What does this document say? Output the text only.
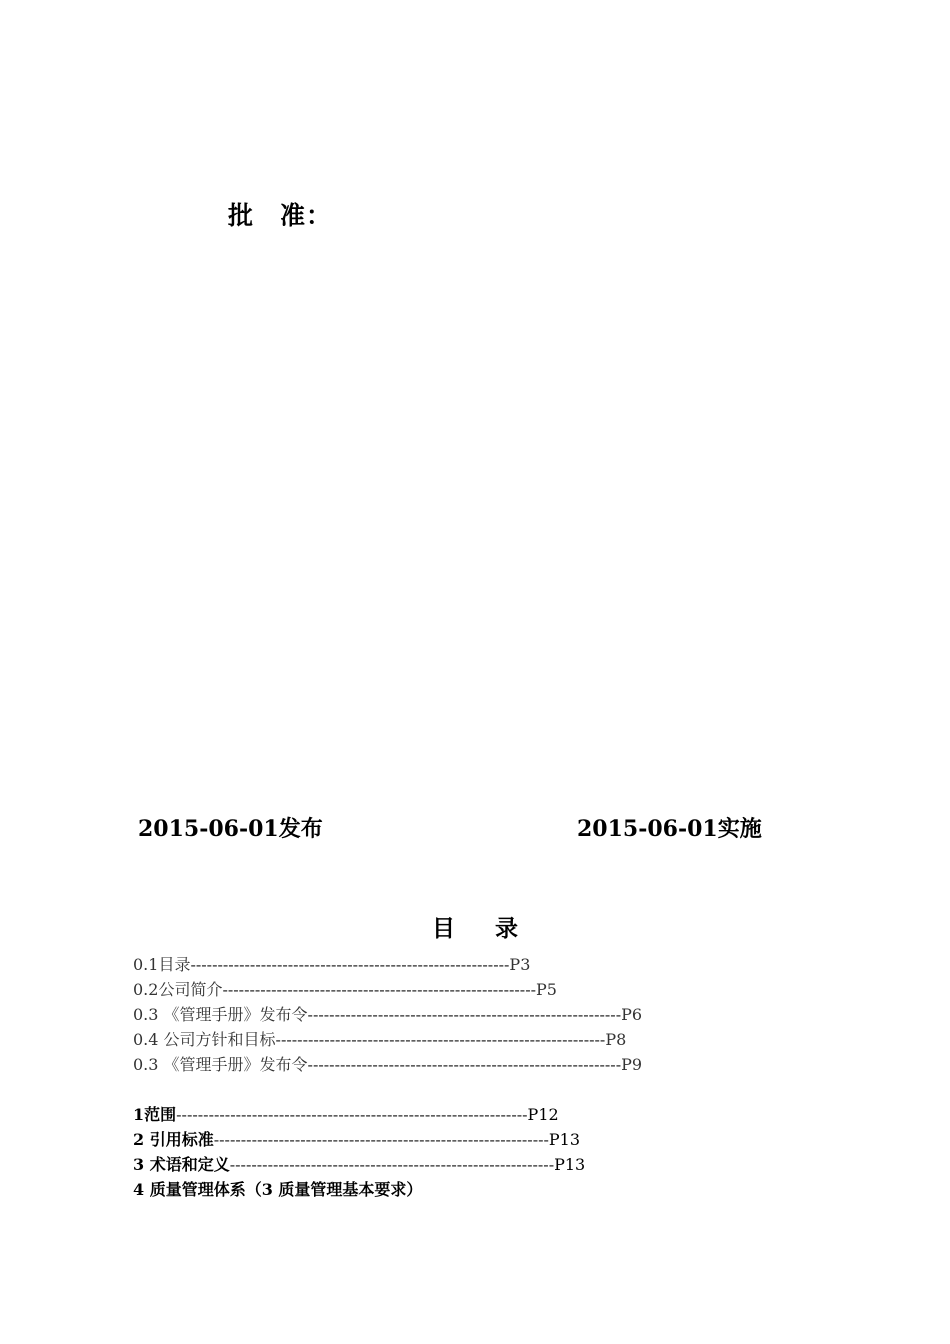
批 准：
2015-06-01发布	2015-06-01实施
目 录
0.1目录 ----------------------------------------------------------- P3
0.2公司简介 ---------------------------------------------------------- P5
0.3 《管理手册》发布令 ---------------------------------------------------------- P6
0.4 公司方针和目标 ------------------------------------------------------------- P8
0.3 《管理手册》发布令 ---------------------------------------------------------- P9
1范围 ----------------------------------------------------------------- P12
2 引用标准 -------------------------------------------------------------- P13
3 术语和定义 ------------------------------------------------------------ P13
4 质量管理体系（3 质量管理基本要求）
